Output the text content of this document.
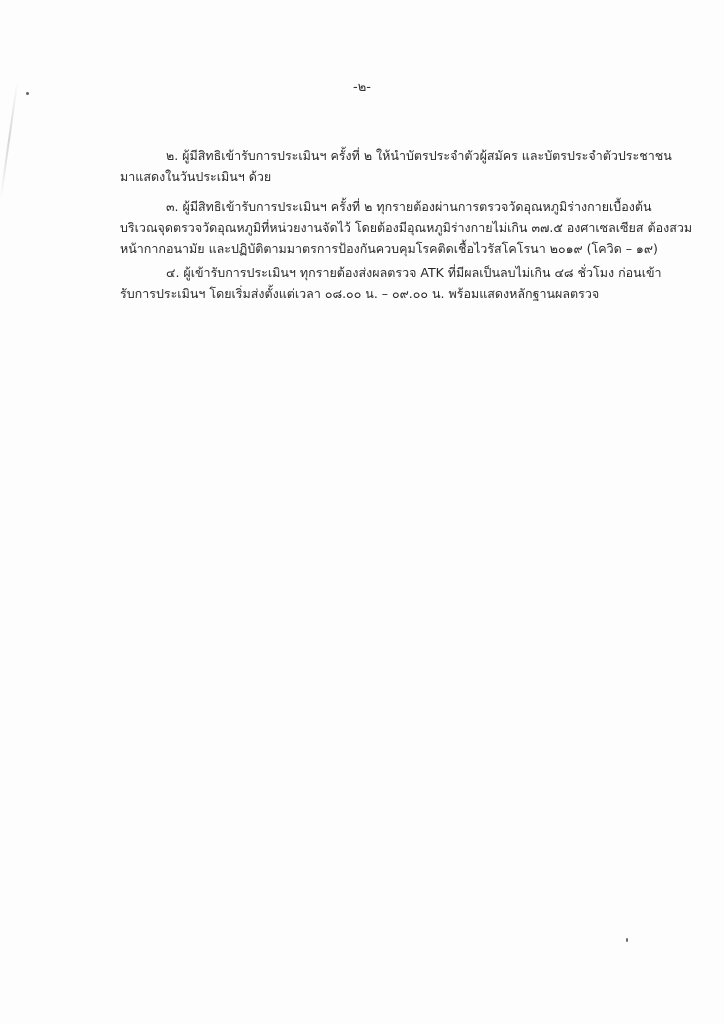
-๒-
๒. ผู้มีสิทธิเข้ารับการประเมินฯ ครั้งที่ ๒ ให้นำบัตรประจำตัวผู้สมัคร และบัตรประจำตัวประชาชน
มาแสดงในวันประเมินฯ ด้วย
๓. ผู้มีสิทธิเข้ารับการประเมินฯ ครั้งที่ ๒ ทุกรายต้องผ่านการตรวจวัดอุณหภูมิร่างกายเบื้องต้น
บริเวณจุดตรวจวัดอุณหภูมิที่หน่วยงานจัดไว้ โดยต้องมีอุณหภูมิร่างกายไม่เกิน ๓๗.๕ องศาเซลเซียส ต้องสวม
หน้ากากอนามัย และปฏิบัติตามมาตรการป้องกันควบคุมโรคติดเชื้อไวรัสโคโรนา ๒๐๑๙ (โควิด – ๑๙)
๔. ผู้เข้ารับการประเมินฯ ทุกรายต้องส่งผลตรวจ ATK ที่มีผลเป็นลบไม่เกิน ๔๘ ชั่วโมง ก่อนเข้า
รับการประเมินฯ โดยเริ่มส่งตั้งแต่เวลา ๐๘.๐๐ น. – ๐๙.๐๐ น. พร้อมแสดงหลักฐานผลตรวจ
